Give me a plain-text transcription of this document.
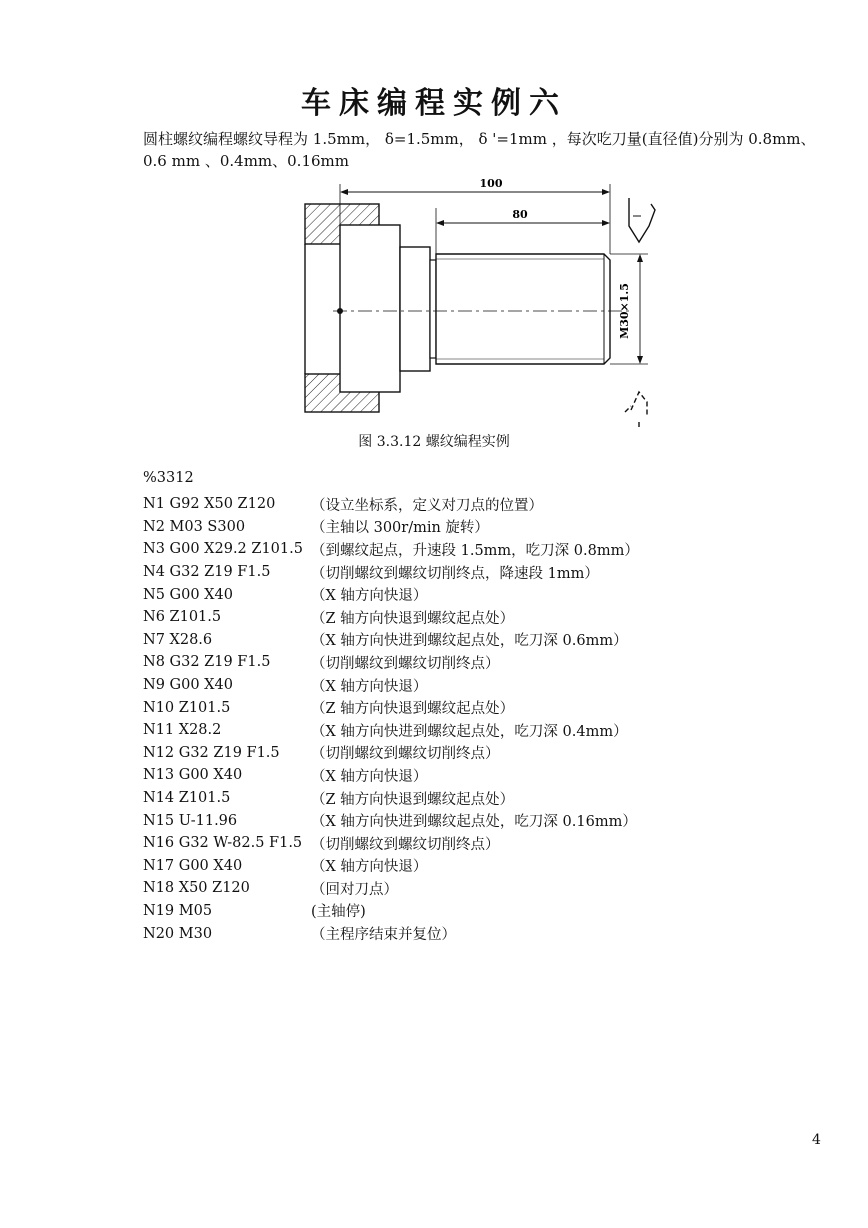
车床编程实例六
圆柱螺纹编程螺纹导程为 1.5mm， δ=1.5mm， δ '=1mm ，每次吃刀量(直径值)分别为 0.8mm、0.6 mm 、0.4mm、0.16mm
100
80
M30×1.5
图 3.3.12 螺纹编程实例
%3312
N1 G92 X50 Z120	（设立坐标系，定义对刀点的位置）
N2 M03 S300	（主轴以 300r/min 旋转）
N3 G00 X29.2 Z101.5 （到螺纹起点，升速段 1.5mm，吃刀深 0.8mm）
N4 G32 Z19 F1.5	（切削螺纹到螺纹切削终点，降速段 1mm）
N5 G00 X40	（X 轴方向快退）
N6 Z101.5	（Z 轴方向快退到螺纹起点处）
N7 X28.6	（X 轴方向快进到螺纹起点处，吃刀深 0.6mm）
N8 G32 Z19 F1.5	（切削螺纹到螺纹切削终点）
N9 G00 X40	（X 轴方向快退）
N10 Z101.5	（Z 轴方向快退到螺纹起点处）
N11 X28.2	（X 轴方向快进到螺纹起点处，吃刀深 0.4mm）
N12 G32 Z19 F1.5	（切削螺纹到螺纹切削终点）
N13 G00 X40	（X 轴方向快退）
N14 Z101.5	（Z 轴方向快退到螺纹起点处）
N15 U-11.96	（X 轴方向快进到螺纹起点处，吃刀深 0.16mm）
N16 G32 W-82.5 F1.5 （切削螺纹到螺纹切削终点）
N17 G00 X40	（X 轴方向快退）
N18 X50 Z120	（回对刀点）
N19 M05	(主轴停)
N20 M30	（主程序结束并复位）
4
